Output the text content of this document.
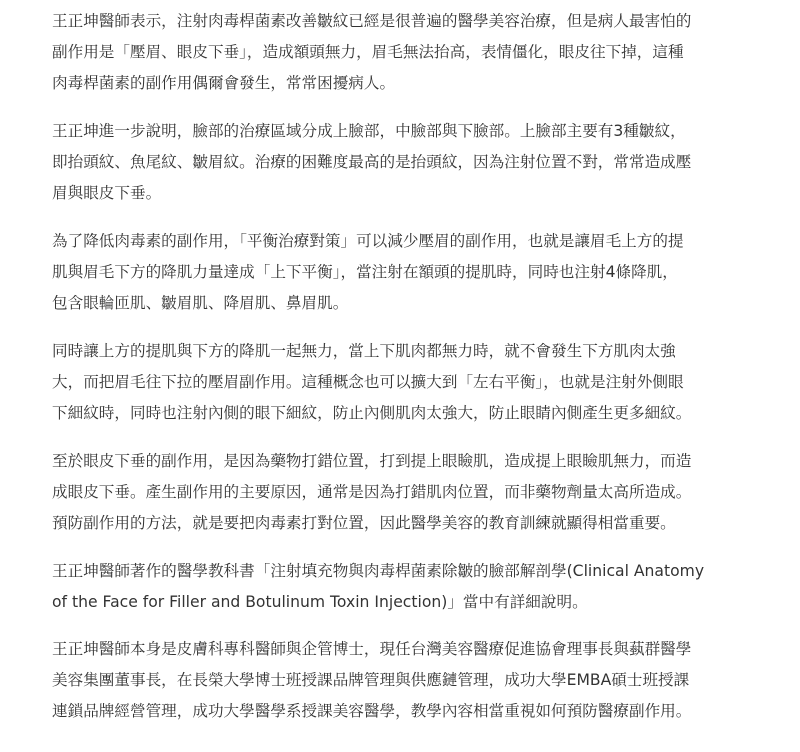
王正坤醫師表示，注射肉毒桿菌素改善皺紋已經是很普遍的醫學美容治療，但是病人最害怕的
副作用是「壓眉、眼皮下垂」，造成額頭無力，眉毛無法抬高，表情僵化，眼皮往下掉，這種
肉毒桿菌素的副作用偶爾會發生，常常困擾病人。

王正坤進一步說明，臉部的治療區域分成上臉部，中臉部與下臉部。上臉部主要有3種皺紋，
即抬頭紋、魚尾紋、皺眉紋。治療的困難度最高的是抬頭紋，因為注射位置不對，常常造成壓
眉與眼皮下垂。

為了降低肉毒素的副作用，「平衡治療對策」可以減少壓眉的副作用，也就是讓眉毛上方的提
肌與眉毛下方的降肌力量達成「上下平衡」，當注射在額頭的提肌時，同時也注射4條降肌，
包含眼輪匝肌、皺眉肌、降眉肌、鼻眉肌。

同時讓上方的提肌與下方的降肌一起無力，當上下肌肉都無力時，就不會發生下方肌肉太強
大，而把眉毛往下拉的壓眉副作用。這種概念也可以擴大到「左右平衡」，也就是注射外側眼
下細紋時，同時也注射內側的眼下細紋，防止內側肌肉太強大，防止眼睛內側產生更多細紋。

至於眼皮下垂的副作用，是因為藥物打錯位置，打到提上眼瞼肌，造成提上眼瞼肌無力，而造
成眼皮下垂。產生副作用的主要原因，通常是因為打錯肌肉位置，而非藥物劑量太高所造成。
預防副作用的方法，就是要把肉毒素打對位置，因此醫學美容的教育訓練就顯得相當重要。

王正坤醫師著作的醫學教科書「注射填充物與肉毒桿菌素除皺的臉部解剖學(Clinical Anatomy
of the Face for Filler and Botulinum Toxin Injection)」當中有詳細說明。

王正坤醫師本身是皮膚科專科醫師與企管博士，現任台灣美容醫療促進協會理事長與蓺群醫學
美容集團董事長，在長榮大學博士班授課品牌管理與供應鏈管理，成功大學EMBA碩士班授課
連鎖品牌經營管理，成功大學醫學系授課美容醫學，教學內容相當重視如何預防醫療副作用。
